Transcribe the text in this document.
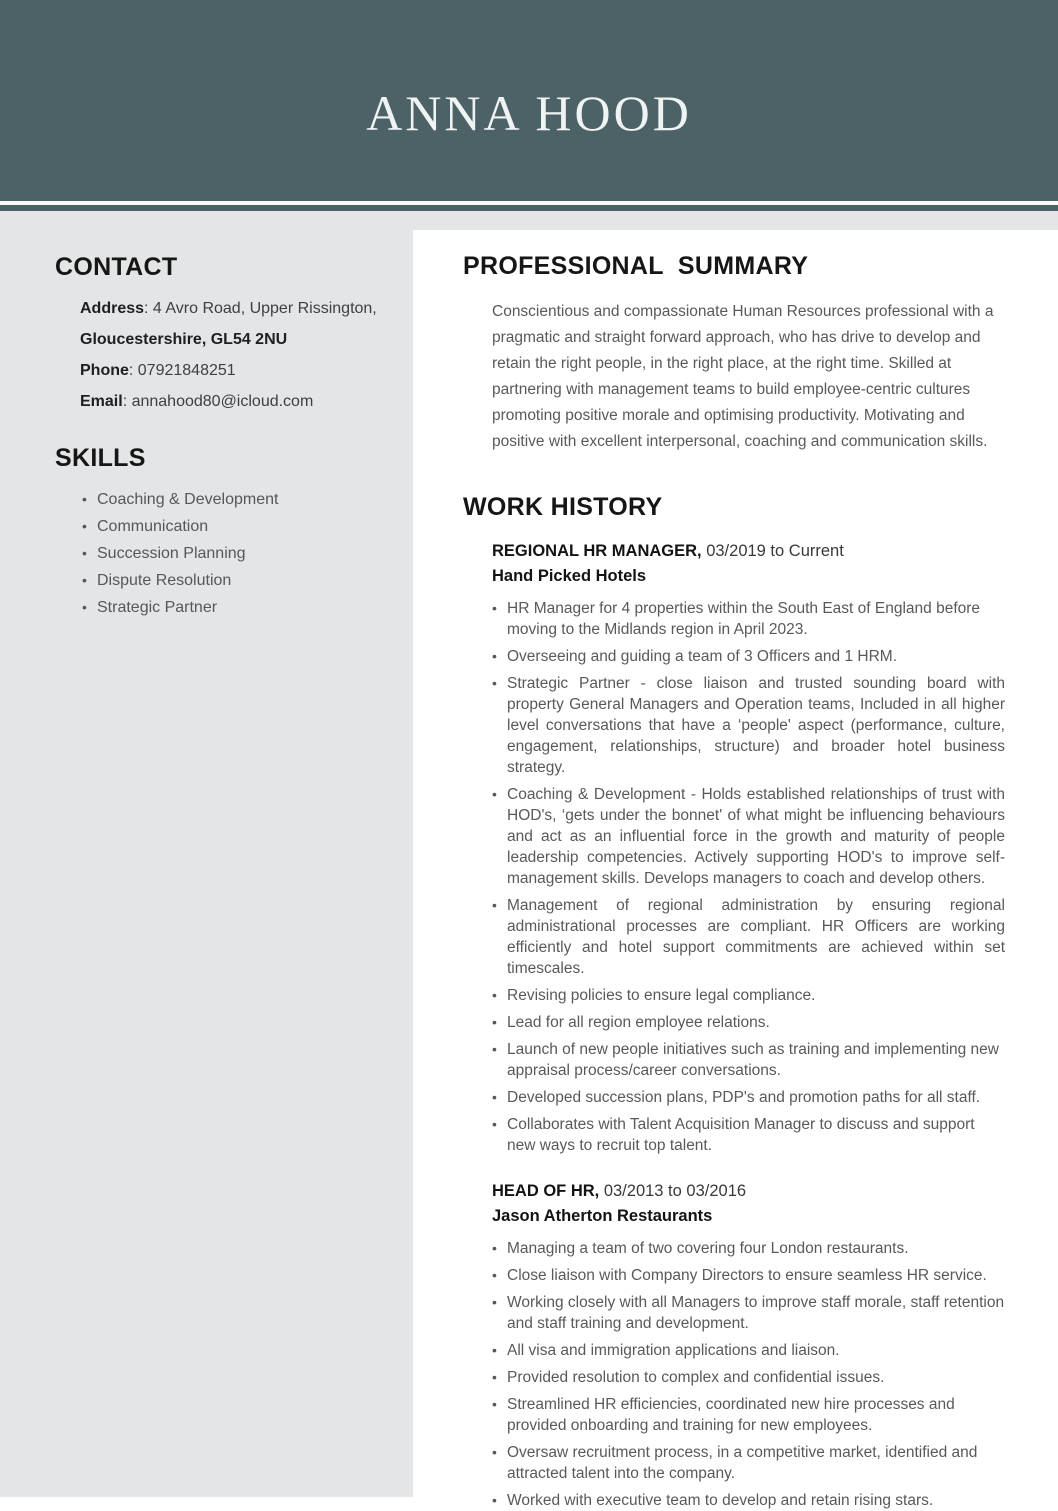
ANNA HOOD
CONTACT

Address: 4 Avro Road, Upper Rissington,

Gloucestershire, GL54 2NU

Phone: 07921848251

Email: annahood80@icloud.com

SKILLS
• Coaching & Development
• Communication
• Succession Planning
• Dispute Resolution
• Strategic Partner
PROFESSIONAL  SUMMARY

Conscientious and compassionate Human Resources professional with a pragmatic and straight forward approach, who has drive to develop and retain the right people, in the right place, at the right time. Skilled at partnering with management teams to build employee-centric cultures promoting positive morale and optimising productivity. Motivating and positive with excellent interpersonal, coaching and communication skills.

WORK HISTORY

REGIONAL HR MANAGER, 03/2019 to Current

Hand Picked Hotels

• HR Manager for 4 properties within the South East of England before moving to the Midlands region in April 2023.
• Overseeing and guiding a team of 3 Officers and 1 HRM.
• Strategic Partner - close liaison and trusted sounding board with property General Managers and Operation teams, Included in all higher level conversations that have a ‘people' aspect (performance, culture, engagement, relationships, structure) and broader hotel business strategy.
• Coaching & Development - Holds established relationships of trust with HOD's, ‘gets under the bonnet' of what might be influencing behaviours and act as an influential force in the growth and maturity of people leadership competencies. Actively supporting HOD's to improve self-management skills. Develops managers to coach and develop others.
• Management of regional administration by ensuring regional administrational processes are compliant. HR Officers are working efficiently and hotel support commitments are achieved within set timescales.
• Revising policies to ensure legal compliance.
• Lead for all region employee relations.
• Launch of new people initiatives such as training and implementing new appraisal process/career conversations.
• Developed succession plans, PDP's and promotion paths for all staff.
• Collaborates with Talent Acquisition Manager to discuss and support new ways to recruit top talent.

HEAD OF HR, 03/2013 to 03/2016

Jason Atherton Restaurants

• Managing a team of two covering four London restaurants.
• Close liaison with Company Directors to ensure seamless HR service.
• Working closely with all Managers to improve staff morale, staff retention and staff training and development.
• All visa and immigration applications and liaison.
• Provided resolution to complex and confidential issues.
• Streamlined HR efficiencies, coordinated new hire processes and provided onboarding and training for new employees.
• Oversaw recruitment process, in a competitive market, identified and attracted talent into the company.
• Worked with executive team to develop and retain rising stars.
